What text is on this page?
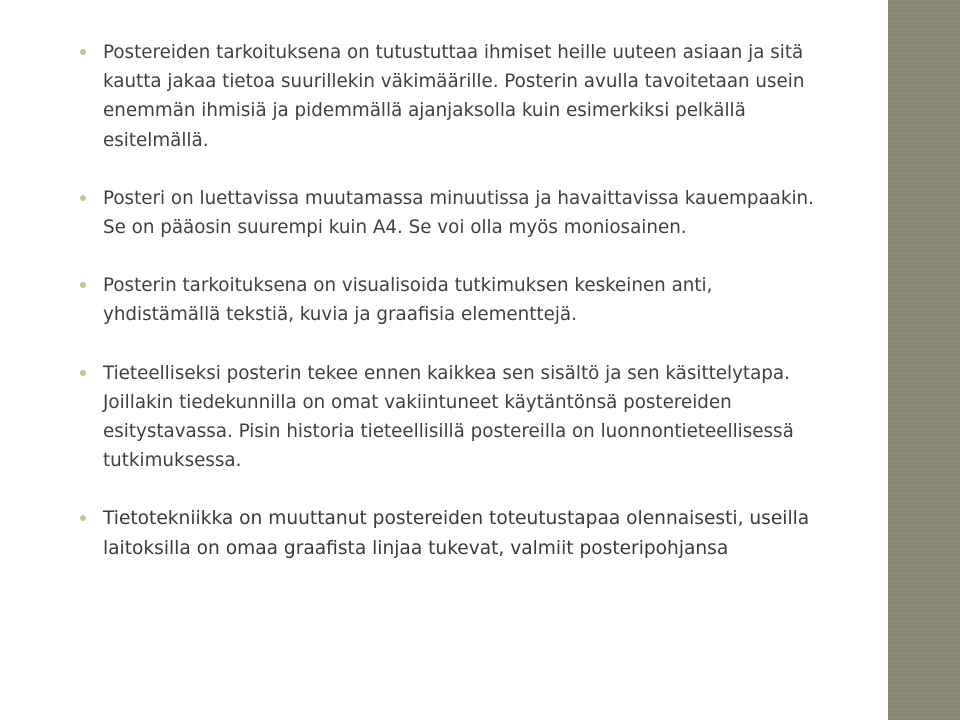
Postereiden tarkoituksena on tutustuttaa ihmiset heille uuteen asiaan ja sitä
kautta jakaa tietoa suurillekin väkimäärille. Posterin avulla tavoitetaan usein
enemmän ihmisiä ja pidemmällä ajanjaksolla kuin esimerkiksi pelkällä
esitelmällä.
Posteri on luettavissa muutamassa minuutissa ja havaittavissa kauempaakin.
Se on pääosin suurempi kuin A4. Se voi olla myös moniosainen.
Posterin tarkoituksena on visualisoida tutkimuksen keskeinen anti,
yhdistämällä tekstiä, kuvia ja graafisia elementtejä.
Tieteelliseksi posterin tekee ennen kaikkea sen sisältö ja sen käsittelytapa.
Joillakin tiedekunnilla on omat vakiintuneet käytäntönsä postereiden
esitystavassa. Pisin historia tieteellisillä postereilla on luonnontieteellisessä
tutkimuksessa.
Tietotekniikka on muuttanut postereiden toteutustapaa olennaisesti, useilla
laitoksilla on omaa graafista linjaa tukevat, valmiit posteripohjansa
